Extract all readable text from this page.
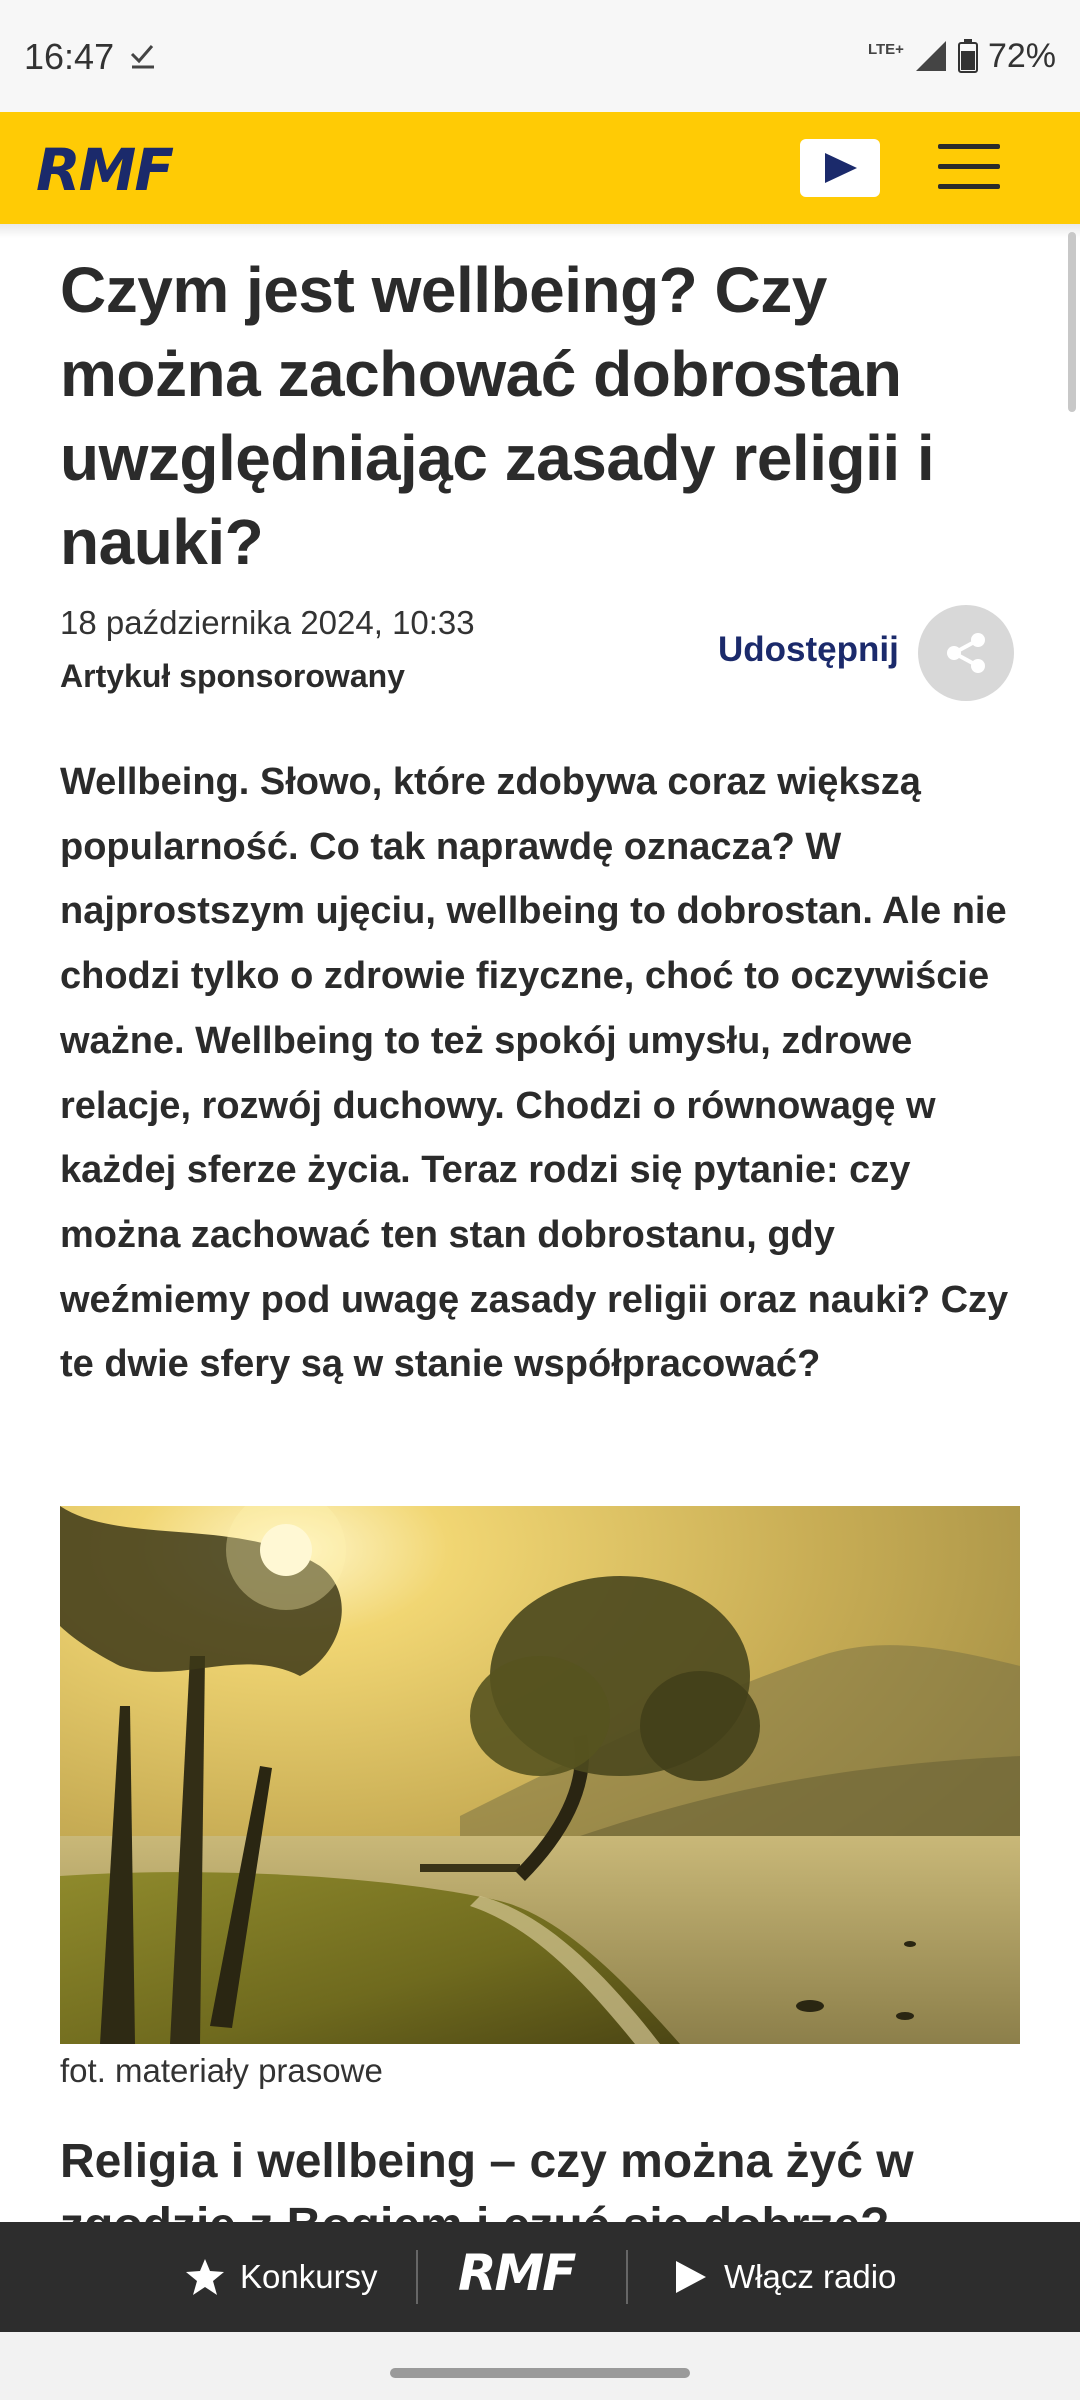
16:47	LTE+ 72%
RMF
Czym jest wellbeing? Czy można zachować dobrostan uwzględniając zasady religii i nauki?
18 października 2024, 10:33
Artykuł sponsorowany
Udostępnij

Wellbeing. Słowo, które zdobywa coraz większą popularność. Co tak naprawdę oznacza? W najprostszym ujęciu, wellbeing to dobrostan. Ale nie chodzi tylko o zdrowie fizyczne, choć to oczywiście ważne. Wellbeing to też spokój umysłu, zdrowe relacje, rozwój duchowy. Chodzi o równowagę w każdej sferze życia. Teraz rodzi się pytanie: czy można zachować ten stan dobrostanu, gdy weźmiemy pod uwagę zasady religii oraz nauki? Czy te dwie sfery są w stanie współpracować?

fot. materiały prasowe
Religia i wellbeing – czy można żyć w
Konkursy RMF	Włącz radio
